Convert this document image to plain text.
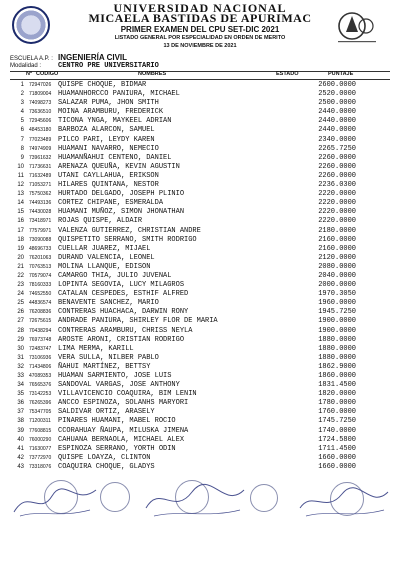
UNIVERSIDAD NACIONAL
MICAELA BASTIDAS DE APURIMAC
PRIMER EXAMEN DEL CPU SET-DIC 2021
LISTADO GENERAL POR ESPECIALIDAD EN ORDEN DE MERITO
13 DE NOVIEMBRE DE 2021
ESCUELA A.P. : INGENIERÍA CIVIL
Modalidad : CENTRO PRE UNIVERSITARIO
Nº CODIGO	NOMBRES	ESTADO	PUNTAJE
1 72947026 QUISPE CHOQUE, BIDMAR	2600.0000
2 71809004 HUAMANHORCCO PANIURA, MICHAEL	2520.0000
3 74098273 SALAZAR PUMA, JHON SMITH	2500.0000
4 73636510 MOINA ARAMBURU, FREDERICK	2440.0000
5 72945606 TICONA YNGA, MAYKEEL ADRIAN	2440.0000
6 48453180 BARBOZA ALARCON, SAMUEL	2440.0000
7 77023489 PILCO PARI, LEYDY KAREN	2340.0000
8 74974909 HUAMANI NAVARRO, NEMECIO	2265.7250
9 73961632 HUAMANÑAHUI CENTENO, DANIEL	2260.0000
10 71736631 ARENAZA QUEUÑA, KEVIN AGUSTIN	2260.0000
11 71632489 UTANI CAYLLAHUA, ERIKSON	2260.0000
12 71053271 HILARES QUINTANA, NESTOR	2236.0300
13 75750362 HURTADO DELGADO, JOSEPH PLINIO	2220.0000
14 74493136 CORTEZ CHIPANE, ESMERALDA	2220.0000
15 74430028 HUAMANI MUÑOZ, SIMON JHONATHAN	2220.0000
16 73418971 ROJAS QUISPE, ALDAIR	2220.0000
17 77579971 VALENZA GUTIERREZ, CHRISTIAN ANDRE	2180.0000
18 73090088 QUISPETITO SERRANO, SMITH RODRIGO	2160.0000
19 48696733 CUELLAR JUAREZ, MIJAEL	2160.0000
20 76201063 DURAND VALENCIA, LEONEL	2120.0000
21 70763513 MOLINA LLANQUE, EDISON	2080.0000
22 70579074 CAMARGO THIA, JULIO JUVENAL	2040.0000
23 78160333 LOPINTA SEGOVIA, LUCY MILAGROS	2000.0000
24 74652550 CATALAN CESPEDES, ESTHIF ALFRED	1970.3050
25 44836574 BENAVENTE SANCHEZ, MARIO	1960.0000
26 76208836 CONTRERAS HUACHACA, DARWIN RONY	1945.7250
27 72675615 ANDRADE PANIURA, SHIRLEY FLOR DE MARIA	1900.0000
28 70438294 CONTRERAS ARAMBURU, CHRISS NEYLA	1900.0000
29 76973748 AROSTE ARONI, CRISTIAN RODRIGO	1880.0000
30 72483747 LIMA MERMA, KARILL	1880.0000
31 73106936 VERA SULLA, NILBER PABLO	1880.0000
32 71434806 ÑAHUI MARTÍNEZ, BETTSY	1862.9000
33 47089353 HUAMAN SARMIENTO, JOSE LUIS	1860.0000
34 76565376 SANDOVAL VARGAS, JOSE ANTHONY	1831.4500
35 73142253 VILLAVICENCIO COAQUIRA, BIM LENIN	1820.0000
36 76265396 ANCCO ESPINOZA, SOLANHS MARYORI	1780.0000
37 75347705 SALDIVAR ORTIZ, ARASELY	1760.0000
38 71200311 PINARES HUAMANI, MABEL ROCIO	1745.7250
39 77608815 CCORAHUAY ÑAUPA, MILUSKA JIMENA	1740.0000
40 76000290 CAHUANA BERNAOLA, MICHAEL ALEX	1724.5800
41 71630077 ESPINOZA SERRANO, YORTH ODIN	1711.4500
42 73772970 QUISPE LOAYZA, CLINTON	1660.0000
43 73318076 COAQUIRA CHOQUE, GLADYS	1660.0000
